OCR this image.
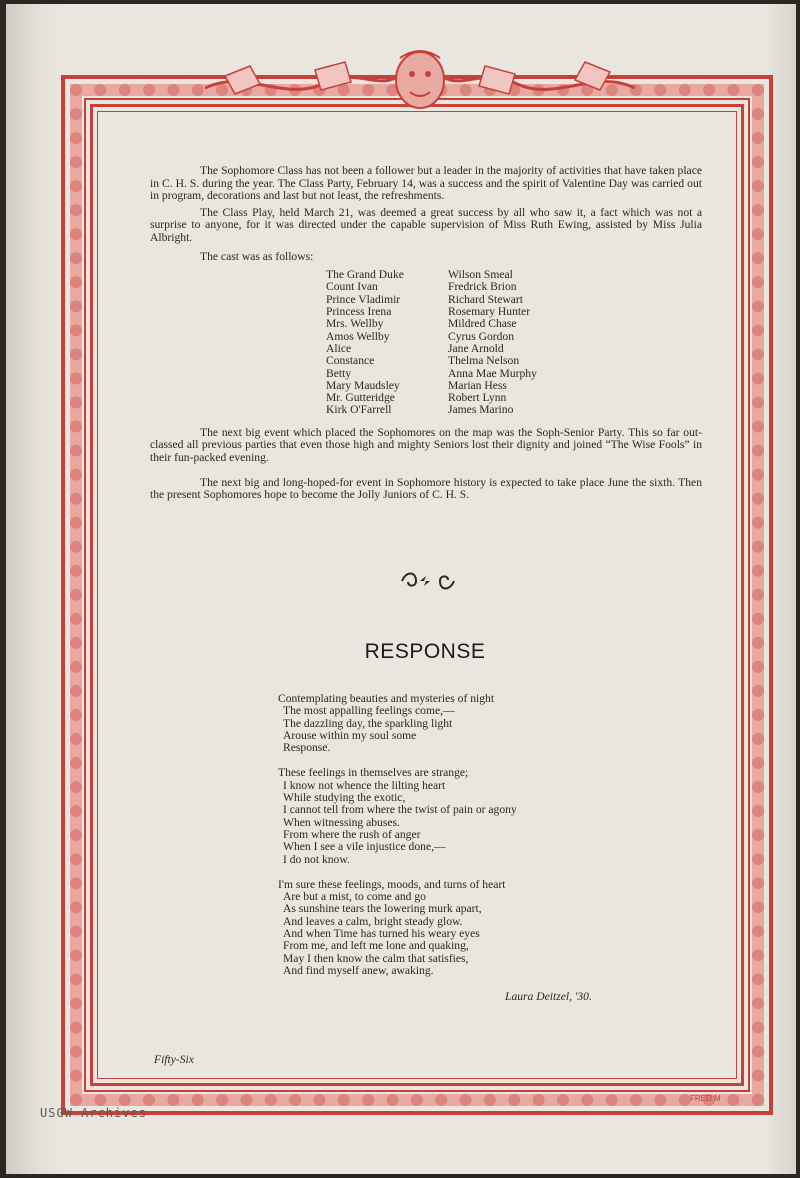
The Sophomore Class has not been a follower but a leader in the majority of activities that have taken place in C. H. S. during the year. The Class Party, February 14, was a success and the spirit of Valentine Day was carried out in program, decorations and last but not least, the refreshments.

The Class Play, held March 21, was deemed a great success by all who saw it, a fact which was not a surprise to anyone, for it was directed under the capable supervision of Miss Ruth Ewing, assisted by Miss Julia Albright.

The cast was as follows:
The Grand Duke	Wilson Smeal
Count Ivan	Fredrick Brion
Prince Vladimir	Richard Stewart
Princess Irena	Rosemary Hunter
Mrs. Wellby	Mildred Chase
Amos Wellby	Cyrus Gordon
Alice	Jane Arnold
Constance	Thelma Nelson
Betty	Anna Mae Murphy
Mary Maudsley	Marian Hess
Mr. Gutteridge	Robert Lynn
Kirk O'Farrell	James Marino

The next big event which placed the Sophomores on the map was the Soph-Senior Party. This so far out-classed all previous parties that even those high and mighty Seniors lost their dignity and joined “The Wise Fools” in their fun-packed evening.

The next big and long-hoped-for event in Sophomore history is expected to take place June the sixth. Then the present Sophomores hope to become the Jolly Juniors of C. H. S.

RESPONSE
Contemplating beauties and mysteries of night
The most appalling feelings come,—
The dazzling day, the sparkling light
Arouse within my soul some
Response.
These feelings in themselves are strange;
I know not whence the lilting heart
While studying the exotic,
I cannot tell from where the twist of pain or agony
When witnessing abuses.
From where the rush of anger
When I see a vile injustice done,—
I do not know.
I'm sure these feelings, moods, and turns of heart
Are but a mist, to come and go
As sunshine tears the lowering murk apart,
And leaves a calm, bright steady glow.
And when Time has turned his weary eyes
From me, and left me lone and quaking,
May I then know the calm that satisfies,
And find myself anew, awaking.
Laura Deitzel, '30.
Fifty-Six
FRED M
USGW Archives
